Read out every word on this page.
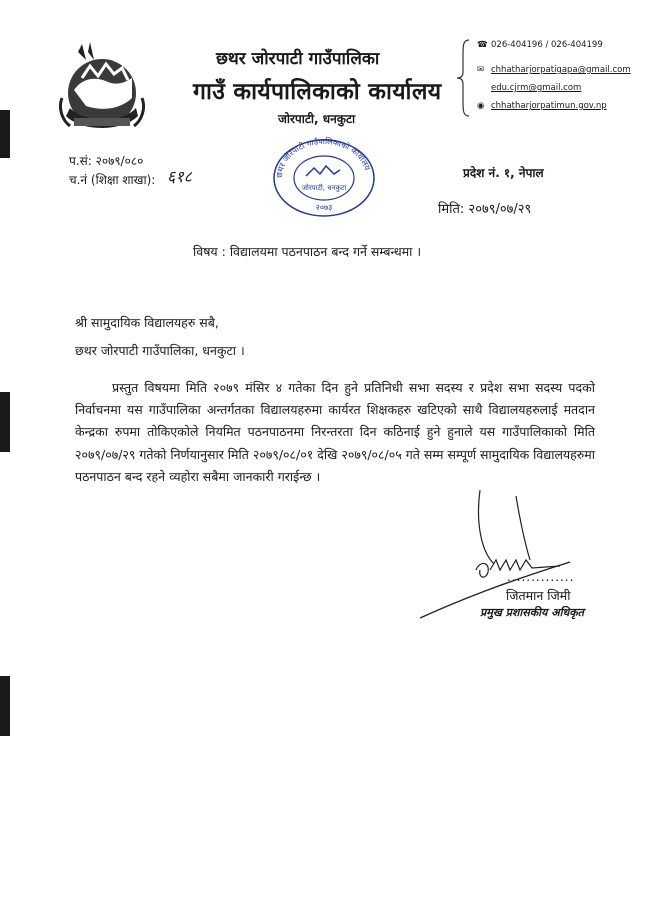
छथर जोरपाटी गाउँपालिका
गाउँ कार्यपालिकाको कार्यालय
जोरपाटी, धनकुटा
☎ 026-404196 / 026-404199
✉ chhatharjorpatigapa@gmail.com
edu.cjrm@gmail.com
◉ chhatharjorpatimun.gov.np
प.सं: २०७९/०८०
च.नं (शिक्षा शाखा): ६१८	छथर जोरपाटी गाउँपालिकाको कार्यालय
जोरपाटी, धनकुटा
२०७३
प्रदेश नं. १, नेपाल
मिति: २०७९/०७/२९
विषय : विद्यालयमा पठनपाठन बन्द गर्ने सम्बन्धमा ।
श्री सामुदायिक विद्यालयहरु सबै,
छथर जोरपाटी गाउँपालिका, धनकुटा ।
प्रस्तुत विषयमा मिति २०७९ मंसिर ४ गतेका दिन हुने प्रतिनिधी सभा सदस्य र प्रदेश सभा सदस्य पदको निर्वाचनमा यस गाउँपालिका अन्तर्गतका विद्यालयहरुमा कार्यरत शिक्षकहरु खटिएको साथै विद्यालयहरुलाई मतदान केन्द्रका रुपमा तोकिएकोले नियमित पठनपाठनमा निरन्तरता दिन कठिनाई हुने हुनाले यस गाउँपालिकाको मिति २०७९/०७/२९ गतेको निर्णयानुसार मिति २०७९/०८/०१ देखि २०७९/०८/०५ गते सम्म सम्पूर्ण सामुदायिक विद्यालयहरुमा पठनपाठन बन्द रहने व्यहोरा सबैमा जानकारी गराईन्छ ।
..............
जितमान जिमी
प्रमुख प्रशासकीय अधिकृत
